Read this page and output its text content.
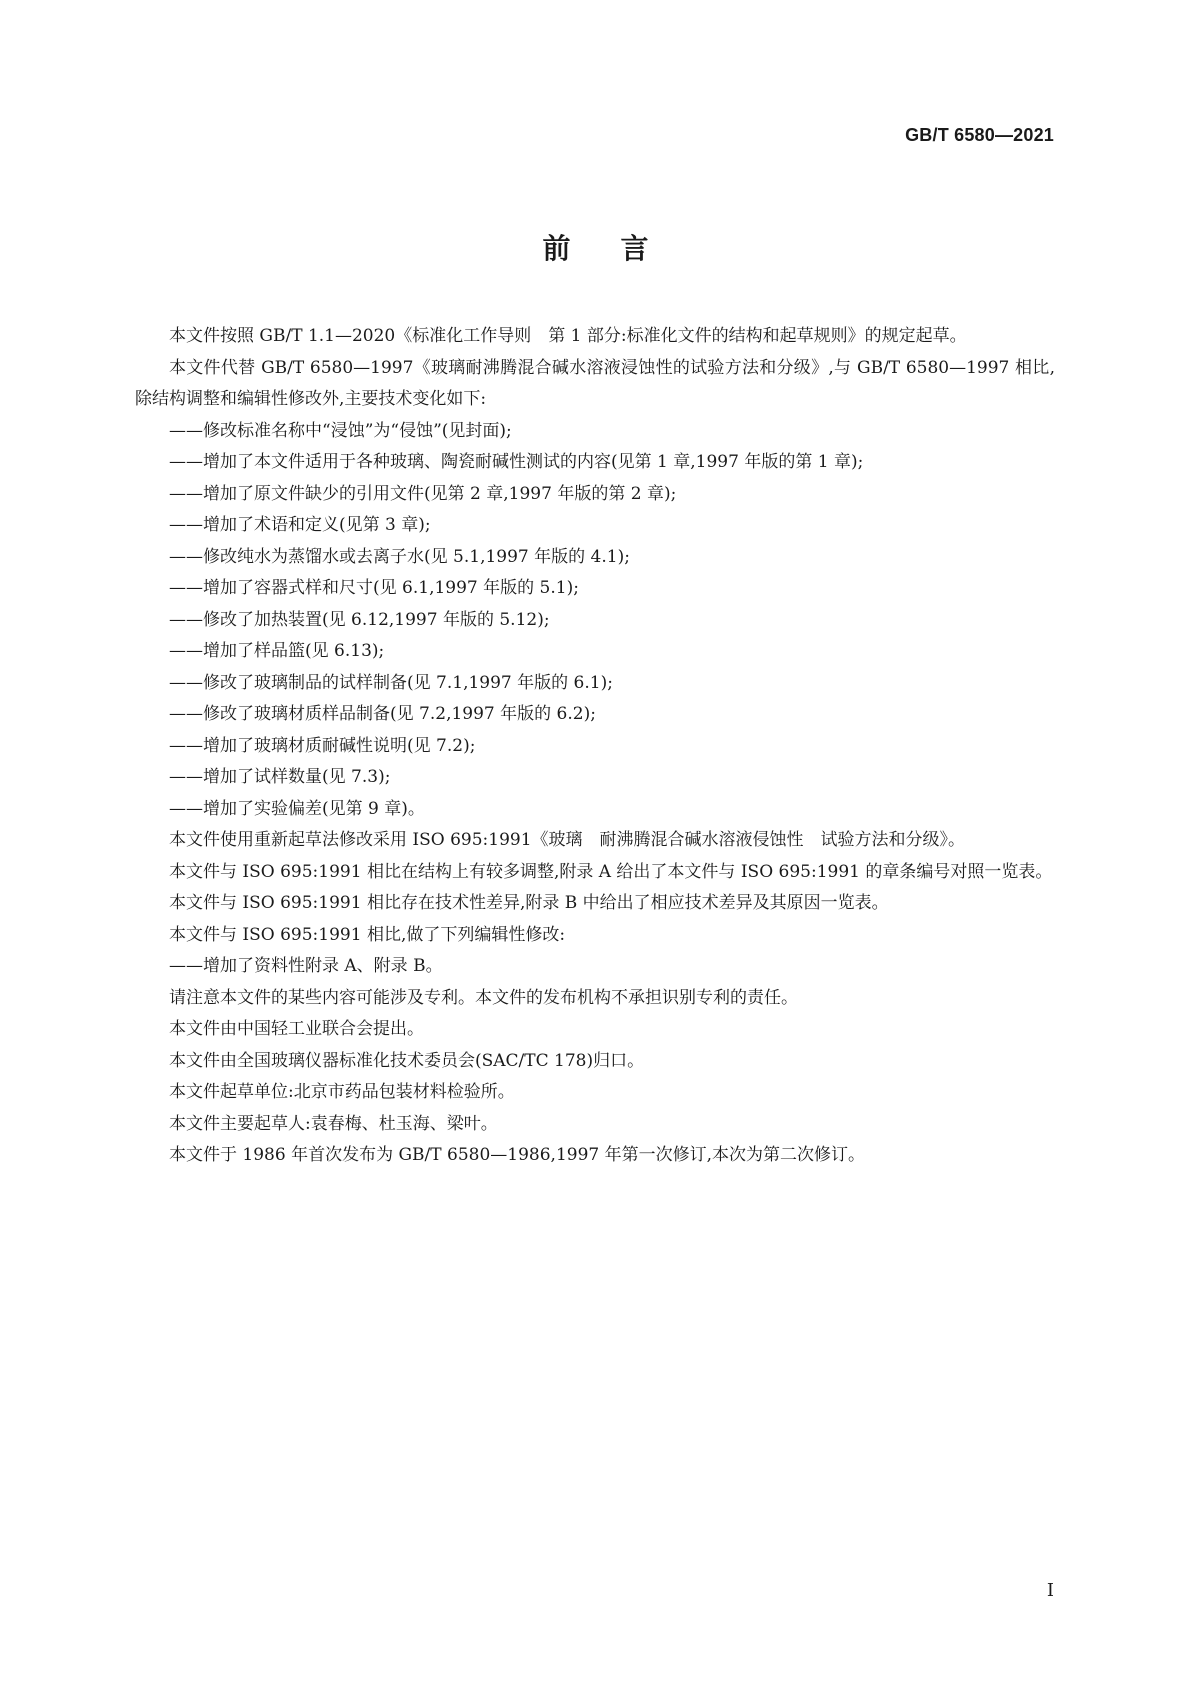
GB/T 6580—2021
前言

本文件按照 GB/T 1.1—2020《标准化工作导则　第 1 部分:标准化文件的结构和起草规则》的规定起草。

本文件代替 GB/T 6580—1997《玻璃耐沸腾混合碱水溶液浸蚀性的试验方法和分级》,与 GB/T 6580—1997 相比,除结构调整和编辑性修改外,主要技术变化如下:

——修改标准名称中“浸蚀”为“侵蚀”(见封面);
——增加了本文件适用于各种玻璃、陶瓷耐碱性测试的内容(见第 1 章,1997 年版的第 1 章);
——增加了原文件缺少的引用文件(见第 2 章,1997 年版的第 2 章);
——增加了术语和定义(见第 3 章);
——修改纯水为蒸馏水或去离子水(见 5.1,1997 年版的 4.1);
——增加了容器式样和尺寸(见 6.1,1997 年版的 5.1);
——修改了加热装置(见 6.12,1997 年版的 5.12);
——增加了样品篮(见 6.13);
——修改了玻璃制品的试样制备(见 7.1,1997 年版的 6.1);
——修改了玻璃材质样品制备(见 7.2,1997 年版的 6.2);
——增加了玻璃材质耐碱性说明(见 7.2);
——增加了试样数量(见 7.3);
——增加了实验偏差(见第 9 章)。

本文件使用重新起草法修改采用 ISO 695:1991《玻璃　耐沸腾混合碱水溶液侵蚀性　试验方法和分级》。

本文件与 ISO 695:1991 相比在结构上有较多调整,附录 A 给出了本文件与 ISO 695:1991 的章条编号对照一览表。

本文件与 ISO 695:1991 相比存在技术性差异,附录 B 中给出了相应技术差异及其原因一览表。

本文件与 ISO 695:1991 相比,做了下列编辑性修改:

——增加了资料性附录 A、附录 B。

请注意本文件的某些内容可能涉及专利。本文件的发布机构不承担识别专利的责任。

本文件由中国轻工业联合会提出。

本文件由全国玻璃仪器标准化技术委员会(SAC/TC 178)归口。

本文件起草单位:北京市药品包装材料检验所。

本文件主要起草人:袁春梅、杜玉海、梁叶。

本文件于 1986 年首次发布为 GB/T 6580—1986,1997 年第一次修订,本次为第二次修订。

I
